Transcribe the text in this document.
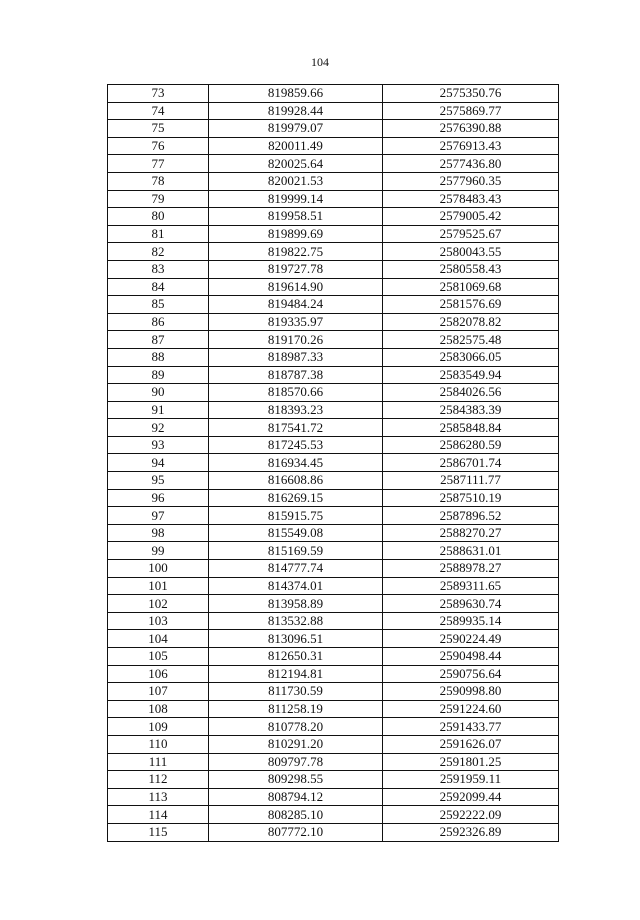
104
73	819859.66	2575350.76
74	819928.44	2575869.77
75	819979.07	2576390.88
76	820011.49	2576913.43
77	820025.64	2577436.80
78	820021.53	2577960.35
79	819999.14	2578483.43
80	819958.51	2579005.42
81	819899.69	2579525.67
82	819822.75	2580043.55
83	819727.78	2580558.43
84	819614.90	2581069.68
85	819484.24	2581576.69
86	819335.97	2582078.82
87	819170.26	2582575.48
88	818987.33	2583066.05
89	818787.38	2583549.94
90	818570.66	2584026.56
91	818393.23	2584383.39
92	817541.72	2585848.84
93	817245.53	2586280.59
94	816934.45	2586701.74
95	816608.86	2587111.77
96	816269.15	2587510.19
97	815915.75	2587896.52
98	815549.08	2588270.27
99	815169.59	2588631.01
100	814777.74	2588978.27
101	814374.01	2589311.65
102	813958.89	2589630.74
103	813532.88	2589935.14
104	813096.51	2590224.49
105	812650.31	2590498.44
106	812194.81	2590756.64
107	811730.59	2590998.80
108	811258.19	2591224.60
109	810778.20	2591433.77
110	810291.20	2591626.07
111	809797.78	2591801.25
112	809298.55	2591959.11
113	808794.12	2592099.44
114	808285.10	2592222.09
115	807772.10	2592326.89
